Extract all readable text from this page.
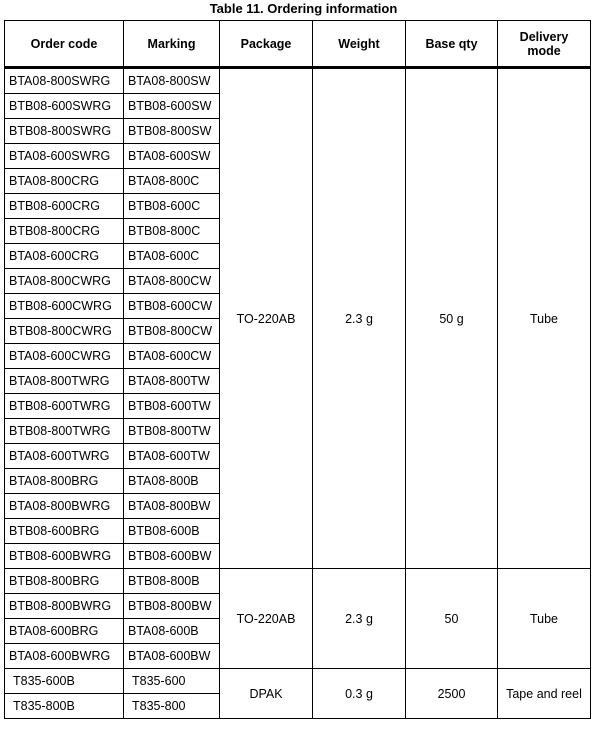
Table 11. Ordering information
Order code	Marking	Package	Weight	Base qty	Delivery mode
BTA08-800SWRG	BTA08-800SW	TO-220AB	2.3 g	50 g	Tube
BTB08-600SWRG	BTB08-600SW				
BTB08-800SWRG	BTB08-800SW				
BTA08-600SWRG	BTA08-600SW				
BTA08-800CRG	BTA08-800C				
BTB08-600CRG	BTB08-600C				
BTB08-800CRG	BTB08-800C				
BTA08-600CRG	BTA08-600C				
BTA08-800CWRG	BTA08-800CW				
BTB08-600CWRG	BTB08-600CW				
BTB08-800CWRG	BTB08-800CW				
BTA08-600CWRG	BTA08-600CW				
BTA08-800TWRG	BTA08-800TW				
BTB08-600TWRG	BTB08-600TW				
BTB08-800TWRG	BTB08-800TW				
BTA08-600TWRG	BTA08-600TW				
BTA08-800BRG	BTA08-800B				
BTA08-800BWRG	BTA08-800BW				
BTB08-600BRG	BTB08-600B				
BTB08-600BWRG	BTB08-600BW				
BTB08-800BRG	BTB08-800B	TO-220AB	2.3 g	50	Tube
BTB08-800BWRG	BTB08-800BW				
BTA08-600BRG	BTA08-600B				
BTA08-600BWRG	BTA08-600BW				
T835-600B	T835-600	DPAK	0.3 g	2500	Tape and reel
T835-800B	T835-800				
